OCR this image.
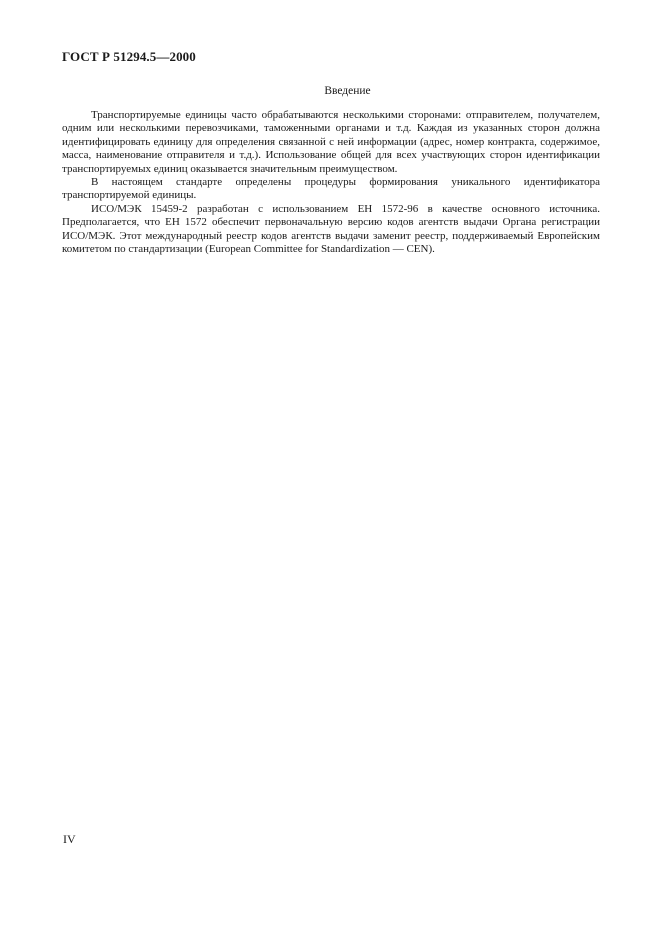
ГОСТ Р 51294.5—2000
Введение

Транспортируемые единицы часто обрабатываются несколькими сторонами: отправителем, получателем, одним или несколькими перевозчиками, таможенными органами и т.д. Каждая из указанных сторон должна идентифицировать единицу для определения связанной с ней информации (адрес, номер контракта, содержимое, масса, наименование отправителя и т.д.). Использование общей для всех участвующих сторон идентификации транспортируемых единиц оказывается значительным преимуществом.

В настоящем стандарте определены процедуры формирования уникального идентификатора транспортируемой единицы.

ИСО/МЭК 15459-2 разработан с использованием ЕН 1572-96 в качестве основного источника. Предполагается, что ЕН 1572 обеспечит первоначальную версию кодов агентств выдачи Органа регистрации ИСО/МЭК. Этот международный реестр кодов агентств выдачи заменит реестр, поддерживаемый Европейским комитетом по стандартизации (European Committee for Standardization — CEN).

IV
